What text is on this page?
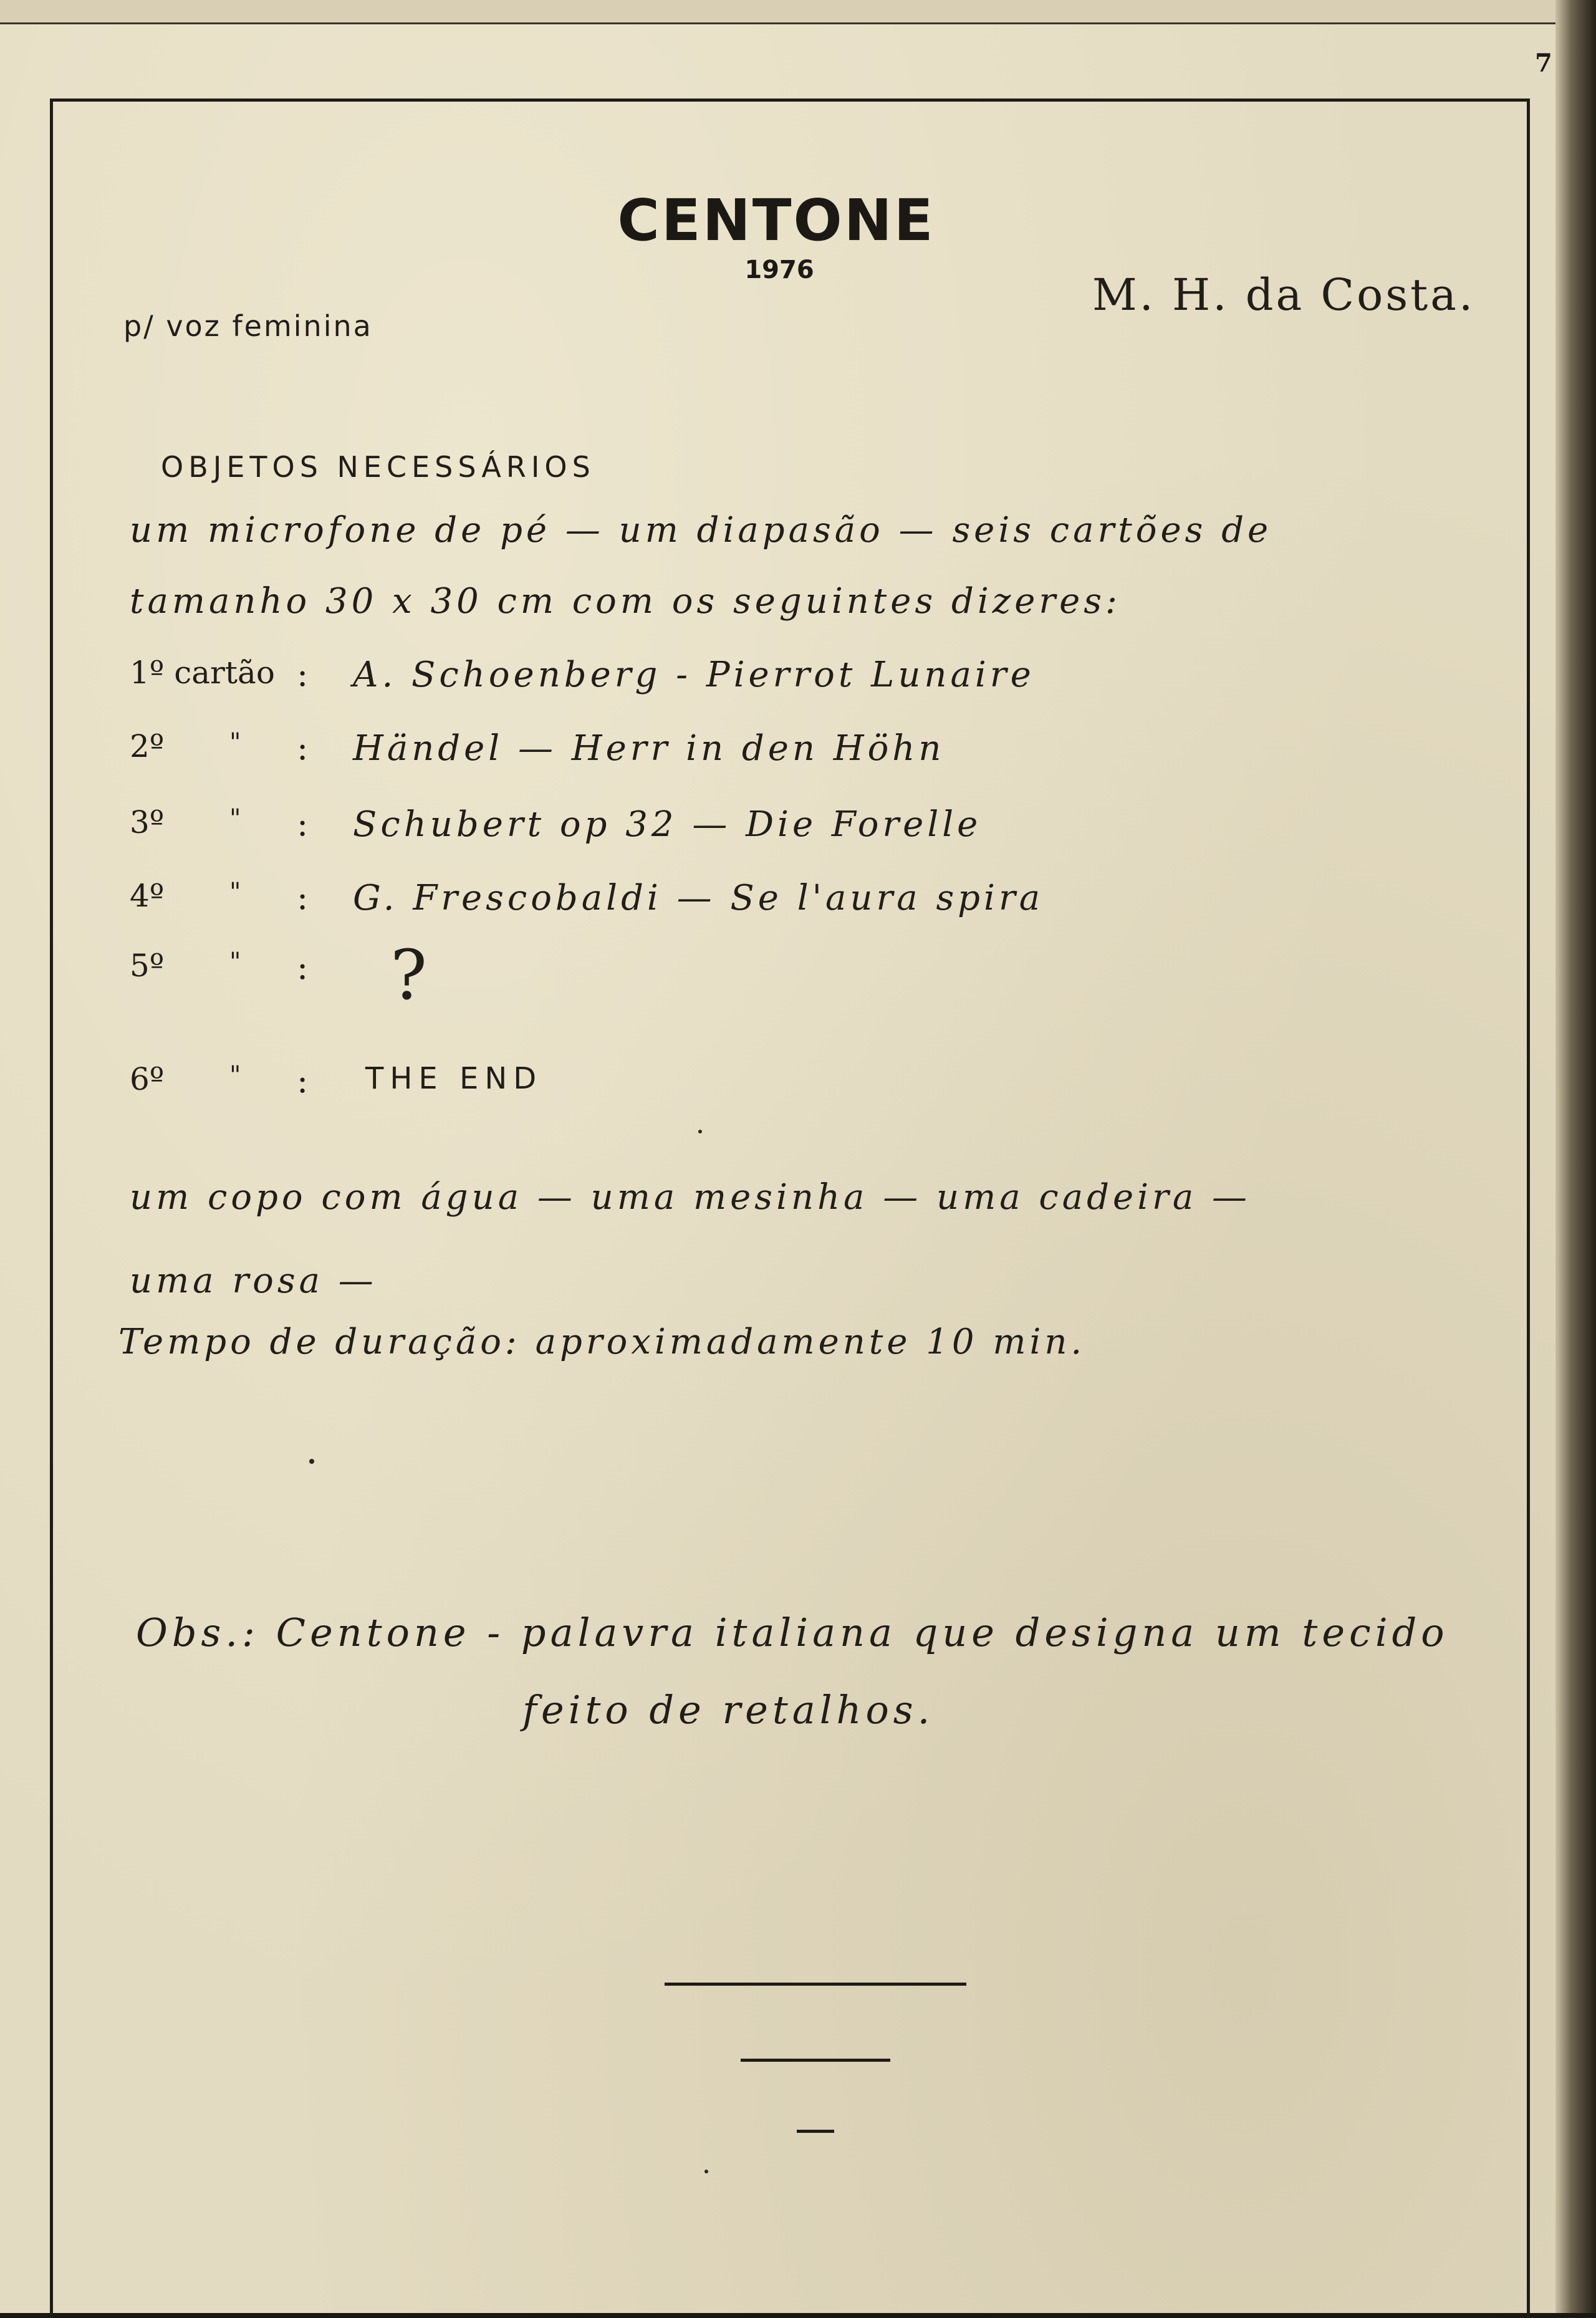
7
CENTONE
1976	M. H. da Costa.
p/ voz feminina
OBJETOS NECESSÁRIOS
um microfone de pé — um diapasão — seis cartões de
tamanho 30 x 30 cm com os seguintes dizeres:
1º cartão : A. Schoenberg - Pierrot Lunaire
2º	" : Händel — Herr in den Höhn
3º	" : Schubert op 32 — Die Forelle
4º	" : G. Frescobaldi — Se l'aura spira
5º	" : ?
6º	" : THE END
um copo com água — uma mesinha — uma cadeira —
uma rosa —
Tempo de duração: aproximadamente 10 min.
Obs.: Centone - palavra italiana que designa um tecido
feito de retalhos.
